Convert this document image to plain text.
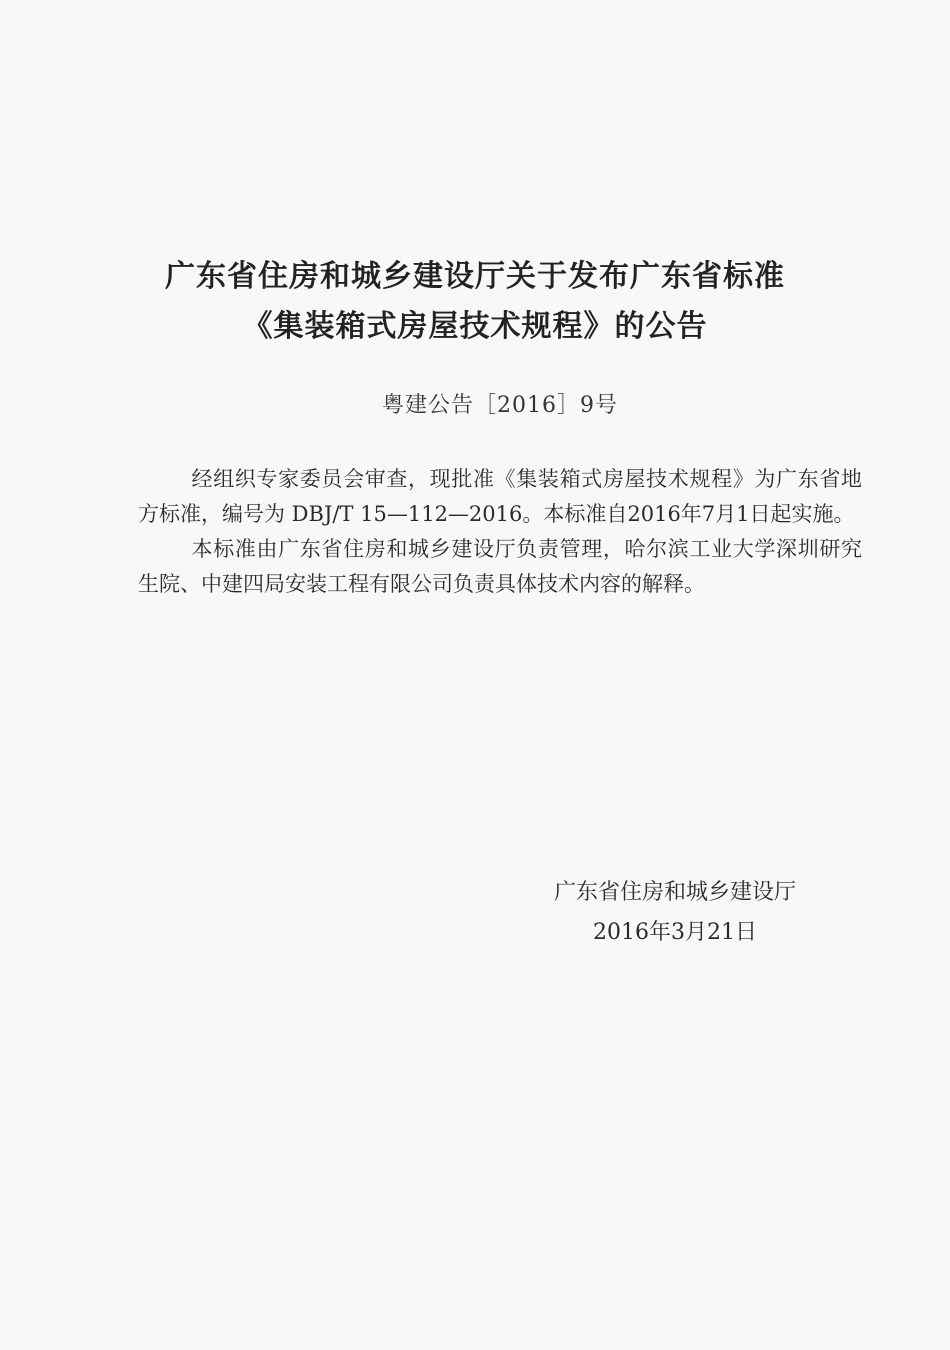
广东省住房和城乡建设厅关于发布广东省标准
《集装箱式房屋技术规程》的公告
粤建公告［2016］9号

经组织专家委员会审查，现批准《集装箱式房屋技术规程》为广东省地方标准，编号为 DBJ/T 15—112—2016。本标准自2016年7月1日起实施。

本标准由广东省住房和城乡建设厅负责管理，哈尔滨工业大学深圳研究生院、中建四局安装工程有限公司负责具体技术内容的解释。

广东省住房和城乡建设厅
2016年3月21日
